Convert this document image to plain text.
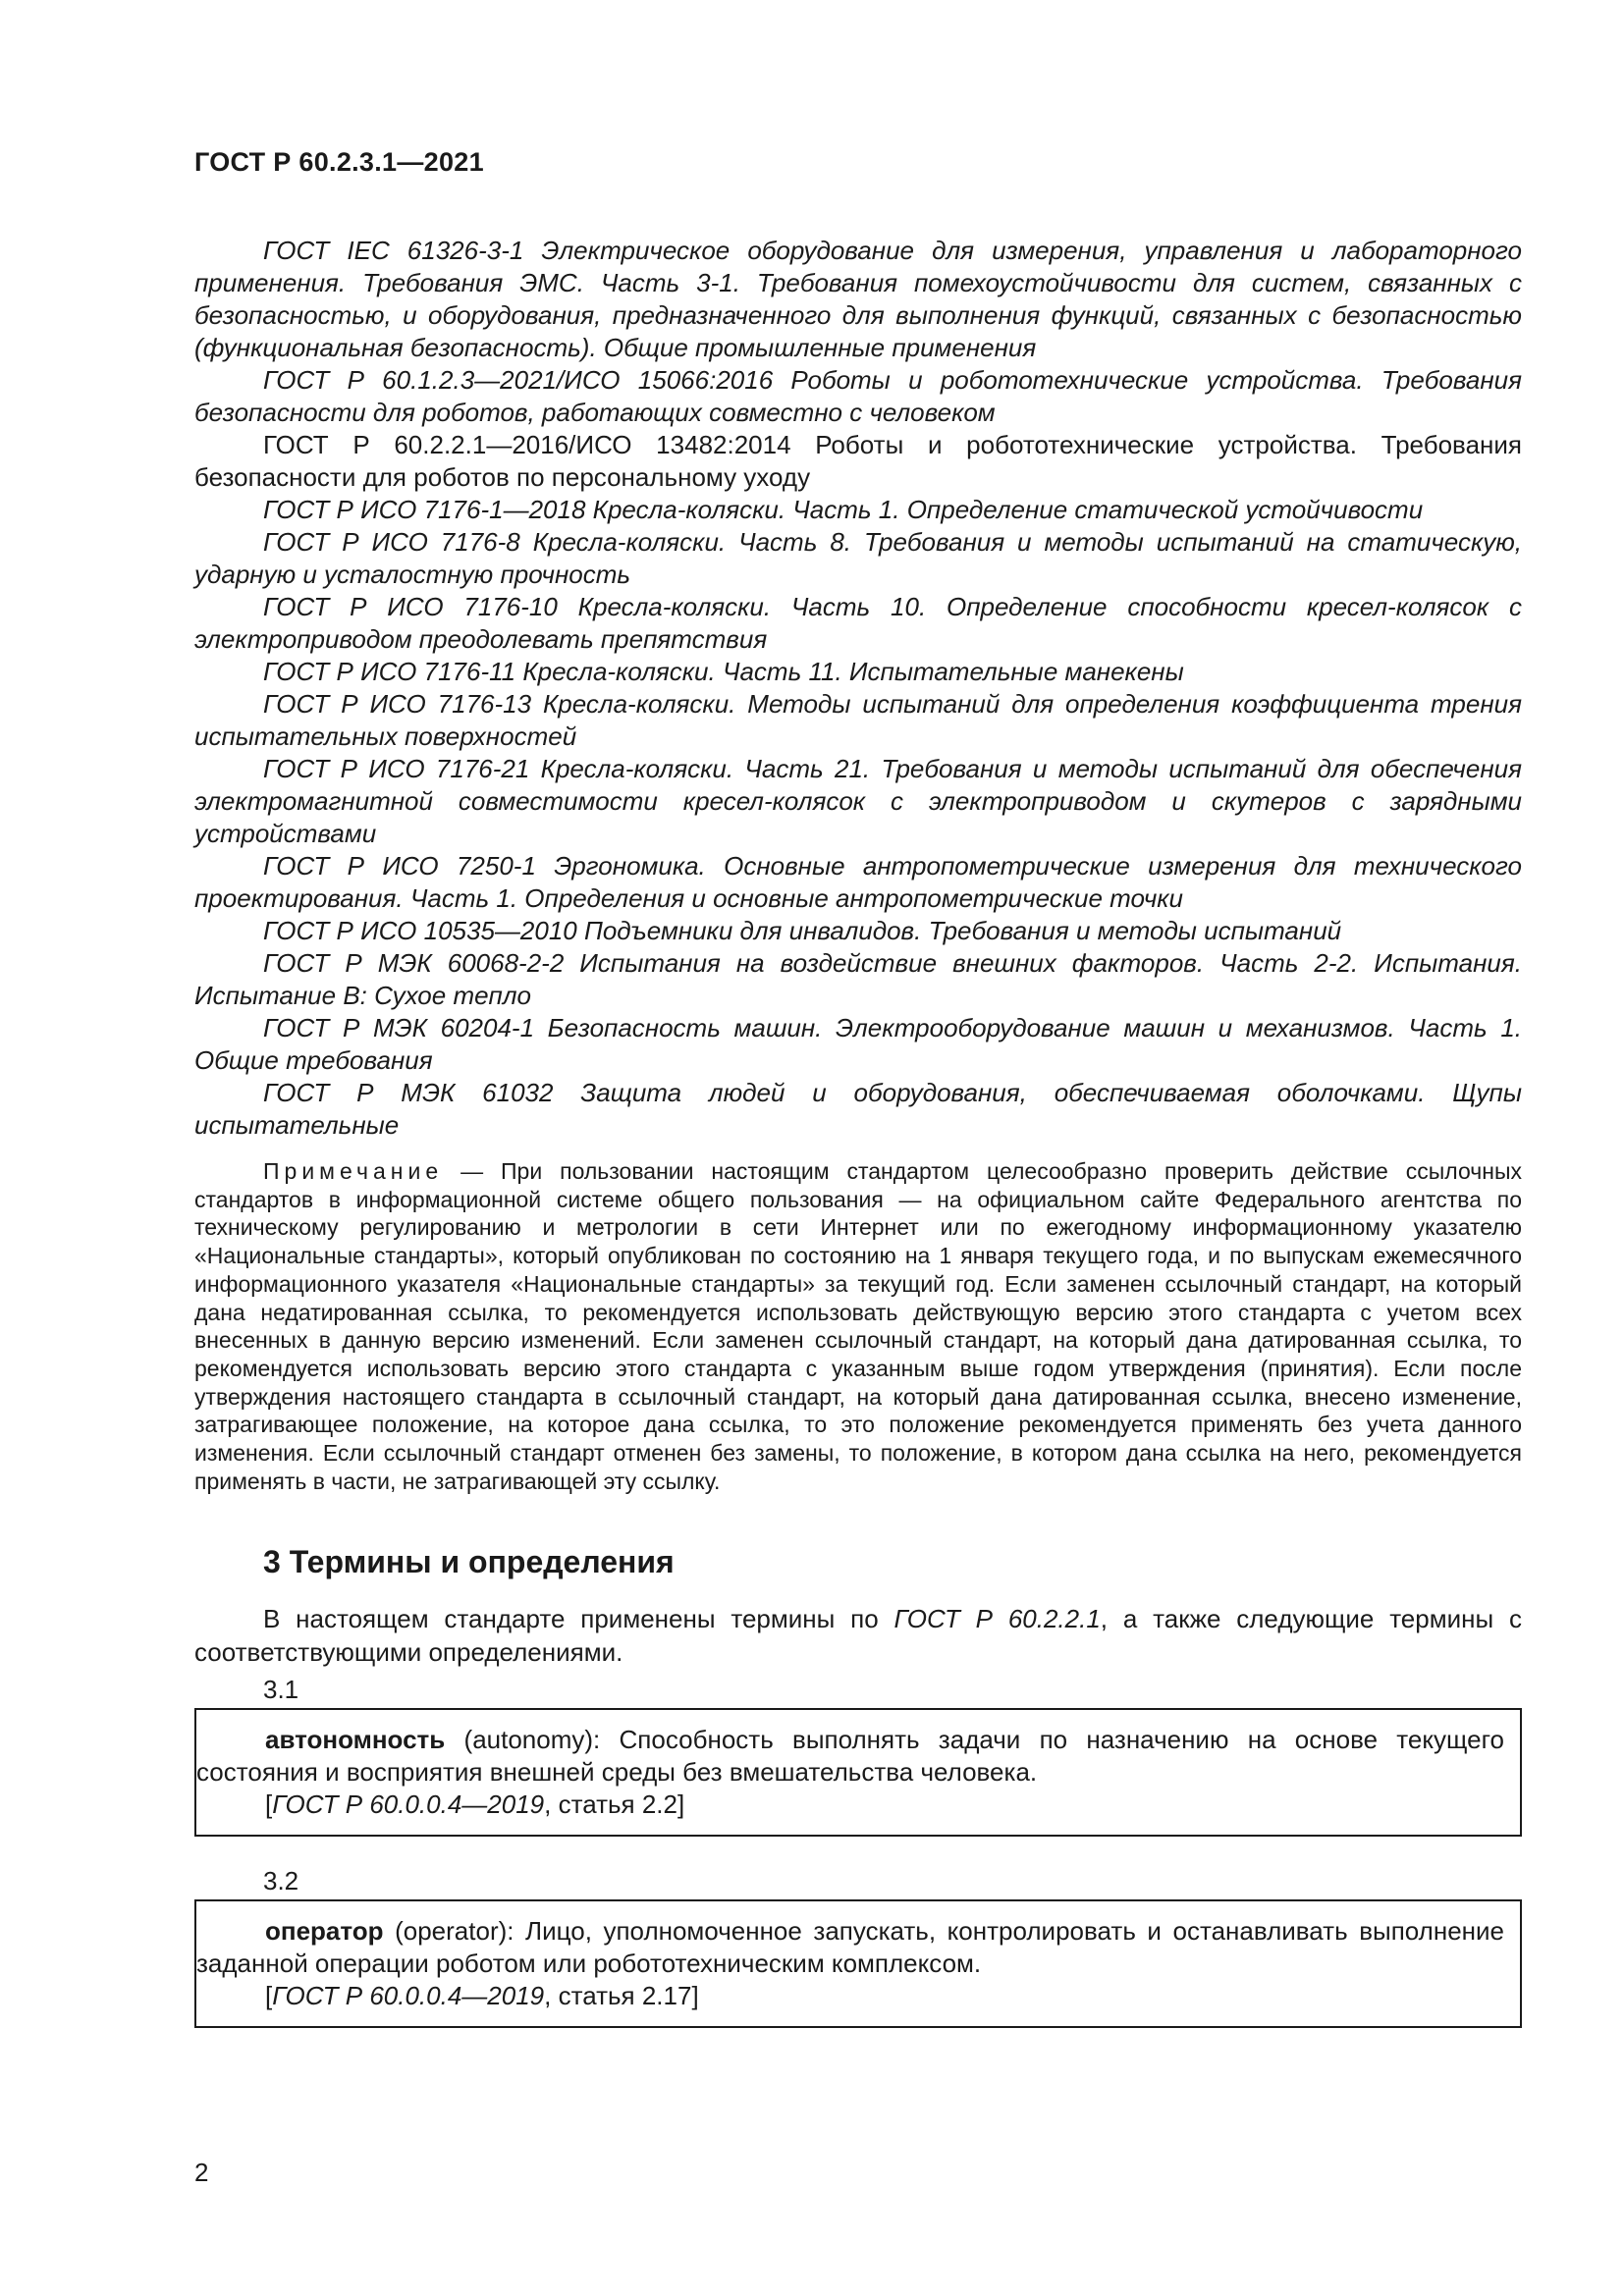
ГОСТ Р 60.2.3.1—2021

ГОСТ IEC 61326-3-1 Электрическое оборудование для измерения, управления и лабораторного применения. Требования ЭМС. Часть 3-1. Требования помехоустойчивости для систем, связанных с безопасностью, и оборудования, предназначенного для выполнения функций, связанных с безопасностью (функциональная безопасность). Общие промышленные применения

ГОСТ Р 60.1.2.3—2021/ИСО 15066:2016 Роботы и робототехнические устройства. Требования безопасности для роботов, работающих совместно с человеком

ГОСТ Р 60.2.2.1—2016/ИСО 13482:2014 Роботы и робототехнические устройства. Требования безопасности для роботов по персональному уходу

ГОСТ Р ИСО 7176-1—2018 Кресла-коляски. Часть 1. Определение статической устойчивости

ГОСТ Р ИСО 7176-8 Кресла-коляски. Часть 8. Требования и методы испытаний на статическую, ударную и усталостную прочность

ГОСТ Р ИСО 7176-10 Кресла-коляски. Часть 10. Определение способности кресел-колясок с электроприводом преодолевать препятствия

ГОСТ Р ИСО 7176-11 Кресла-коляски. Часть 11. Испытательные манекены

ГОСТ Р ИСО 7176-13 Кресла-коляски. Методы испытаний для определения коэффициента трения испытательных поверхностей

ГОСТ Р ИСО 7176-21 Кресла-коляски. Часть 21. Требования и методы испытаний для обеспечения электромагнитной совместимости кресел-колясок с электроприводом и скутеров с зарядными устройствами

ГОСТ Р ИСО 7250-1 Эргономика. Основные антропометрические измерения для технического проектирования. Часть 1. Определения и основные антропометрические точки

ГОСТ Р ИСО 10535—2010 Подъемники для инвалидов. Требования и методы испытаний

ГОСТ Р МЭК 60068-2-2 Испытания на воздействие внешних факторов. Часть 2-2. Испытания. Испытание B: Сухое тепло

ГОСТ Р МЭК 60204-1 Безопасность машин. Электрооборудование машин и механизмов. Часть 1. Общие требования

ГОСТ Р МЭК 61032 Защита людей и оборудования, обеспечиваемая оболочками. Щупы испытательные

Примечание — При пользовании настоящим стандартом целесообразно проверить действие ссылочных стандартов в информационной системе общего пользования — на официальном сайте Федерального агентства по техническому регулированию и метрологии в сети Интернет или по ежегодному информационному указателю «Национальные стандарты», который опубликован по состоянию на 1 января текущего года, и по выпускам ежемесячного информационного указателя «Национальные стандарты» за текущий год. Если заменен ссылочный стандарт, на который дана недатированная ссылка, то рекомендуется использовать действующую версию этого стандарта с учетом всех внесенных в данную версию изменений. Если заменен ссылочный стандарт, на который дана датированная ссылка, то рекомендуется использовать версию этого стандарта с указанным выше годом утверждения (принятия). Если после утверждения настоящего стандарта в ссылочный стандарт, на который дана датированная ссылка, внесено изменение, затрагивающее положение, на которое дана ссылка, то это положение рекомендуется применять без учета данного изменения. Если ссылочный стандарт отменен без замены, то положение, в котором дана ссылка на него, рекомендуется применять в части, не затрагивающей эту ссылку.

3 Термины и определения

В настоящем стандарте применены термины по ГОСТ Р 60.2.2.1, а также следующие термины с соответствующими определениями.

3.1

автономность (autonomy): Способность выполнять задачи по назначению на основе текущего состояния и восприятия внешней среды без вмешательства человека.

[ГОСТ Р 60.0.0.4—2019, статья 2.2]

3.2

оператор (operator): Лицо, уполномоченное запускать, контролировать и останавливать выполнение заданной операции роботом или робототехническим комплексом.

[ГОСТ Р 60.0.0.4—2019, статья 2.17]

2
